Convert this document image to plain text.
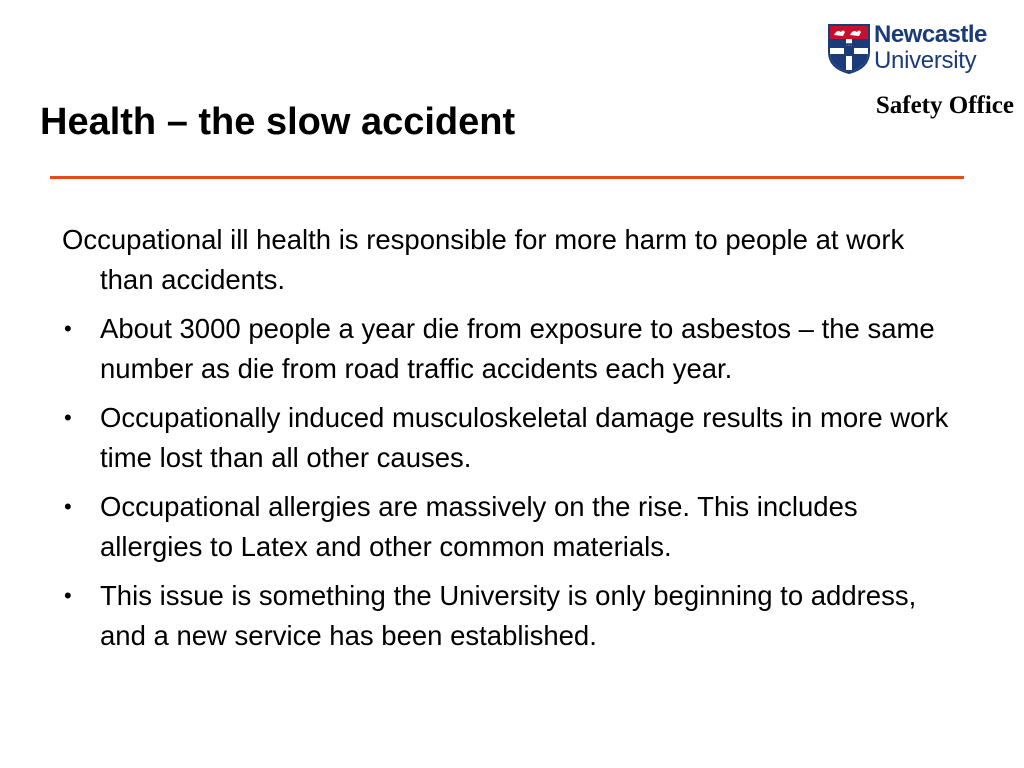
Newcastle
University
Safety Office
Health – the slow accident

Occupational ill health is responsible for more harm to people at work than accidents.

• About 3000 people a year die from exposure to asbestos – the same number as die from road traffic accidents each year.
• Occupationally induced musculoskeletal damage results in more work time lost than all other causes.
• Occupational allergies are massively on the rise. This includes allergies to Latex and other common materials.
• This issue is something the University is only beginning to address, and a new service has been established.
